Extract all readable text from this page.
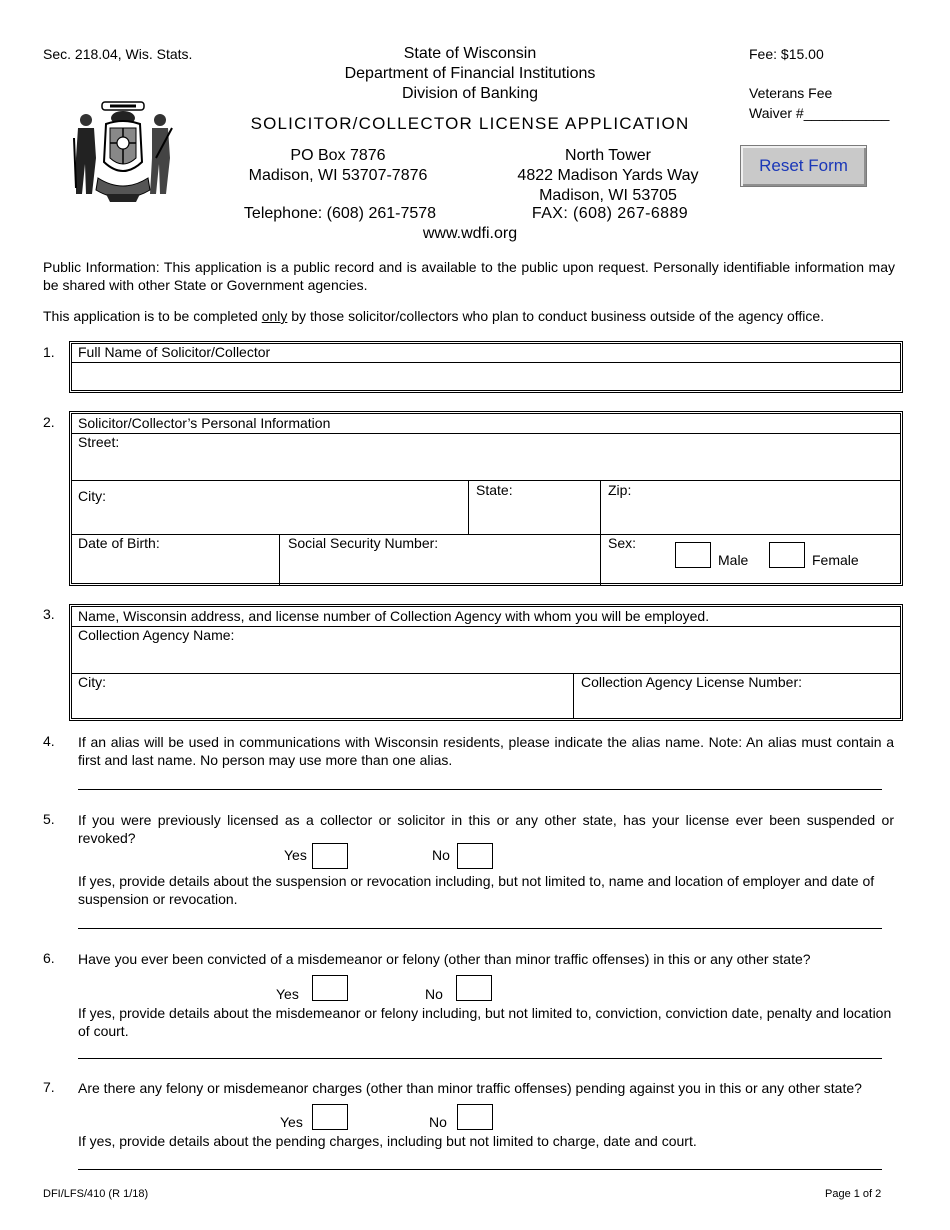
Sec. 218.04, Wis. Stats.	State of Wisconsin
Department of Financial Institutions
Division of Banking
SOLICITOR/COLLECTOR LICENSE APPLICATION
PO Box 7876
Madison, WI 53707-7876
North Tower
4822 Madison Yards Way
Madison, WI 53705
Telephone: (608) 261-7578	FAX: (608) 267-6889
www.wdfi.org
Fee: $15.00
Veterans Fee
Waiver #___________
Reset Form
Public Information: This application is a public record and is available to the public upon request. Personally identifiable information may be shared with other State or Government agencies.
This application is to be completed only by those solicitor/collectors who plan to conduct business outside of the agency office.
1. Full Name of Solicitor/Collector
2. Solicitor/Collector’s Personal Information
Street:
City:	State:	Zip:
Date of Birth:	Social Security Number:	Sex:
Male	Female
3. Name, Wisconsin address, and license number of Collection Agency with whom you will be employed.
Collection Agency Name:
City:	Collection Agency License Number:
4. If an alias will be used in communications with Wisconsin residents, please indicate the alias name. Note: An alias must contain a first and last name. No person may use more than one alias.
5. If you were previously licensed as a collector or solicitor in this or any other state, has your license ever been suspended or revoked?
Yes	No
If yes, provide details about the suspension or revocation including, but not limited to, name and location of employer and date of suspension or revocation.
6. Have you ever been convicted of a misdemeanor or felony (other than minor traffic offenses) in this or any other state?
Yes	No
If yes, provide details about the misdemeanor or felony including, but not limited to, conviction, conviction date, penalty and location of court.
7. Are there any felony or misdemeanor charges (other than minor traffic offenses) pending against you in this or any other state?
Yes	No
If yes, provide details about the pending charges, including but not limited to charge, date and court.
DFI/LFS/410 (R 1/18)	Page 1 of 2
